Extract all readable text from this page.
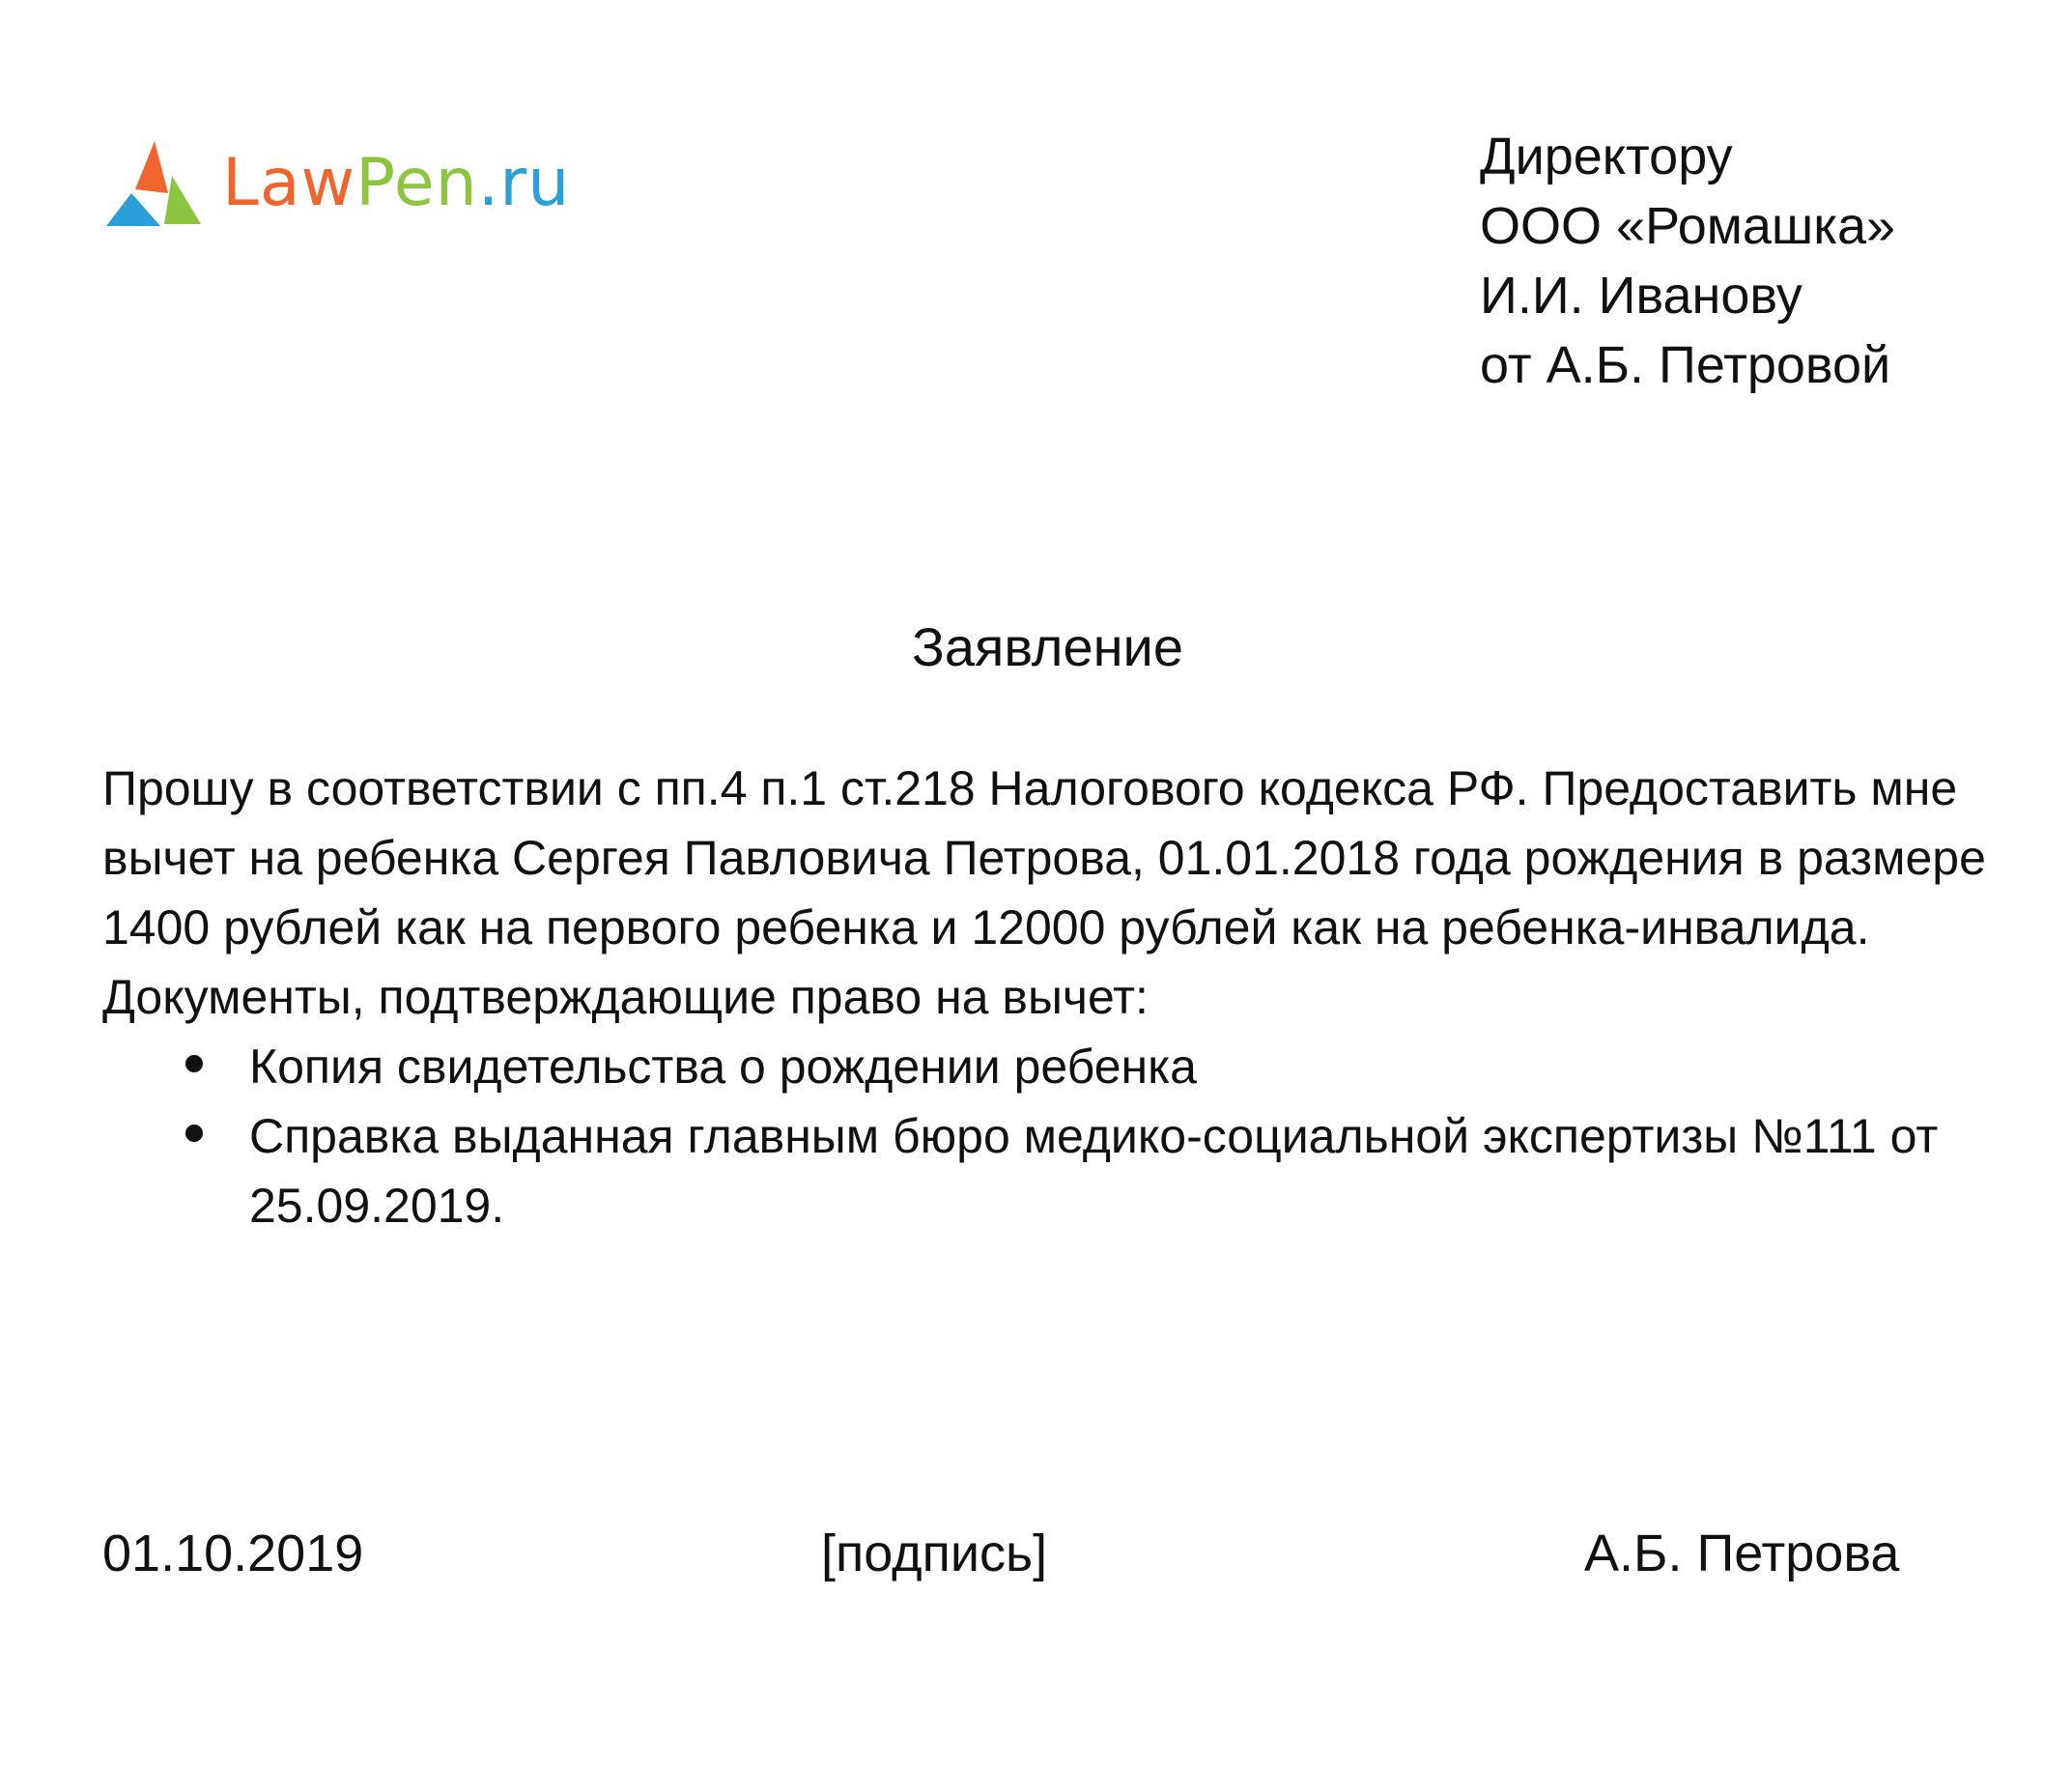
LawPen.ru	Директору
ООО «Ромашка»
И.И. Иванову
от А.Б. Петровой
Заявление

Прошу в соответствии с пп.4 п.1 ст.218 Налогового кодекса РФ. Предоставить мне вычет на ребенка Сергея Павловича Петрова, 01.01.2018 года рождения в размере 1400 рублей как на первого ребенка и 12000 рублей как на ребенка-инвалида.

Документы, подтверждающие право на вычет:

Копия свидетельства о рождении ребенка
Справка выданная главным бюро медико-социальной экспертизы №111 от 25.09.2019.
01.10.2019	[подпись]	А.Б. Петрова
